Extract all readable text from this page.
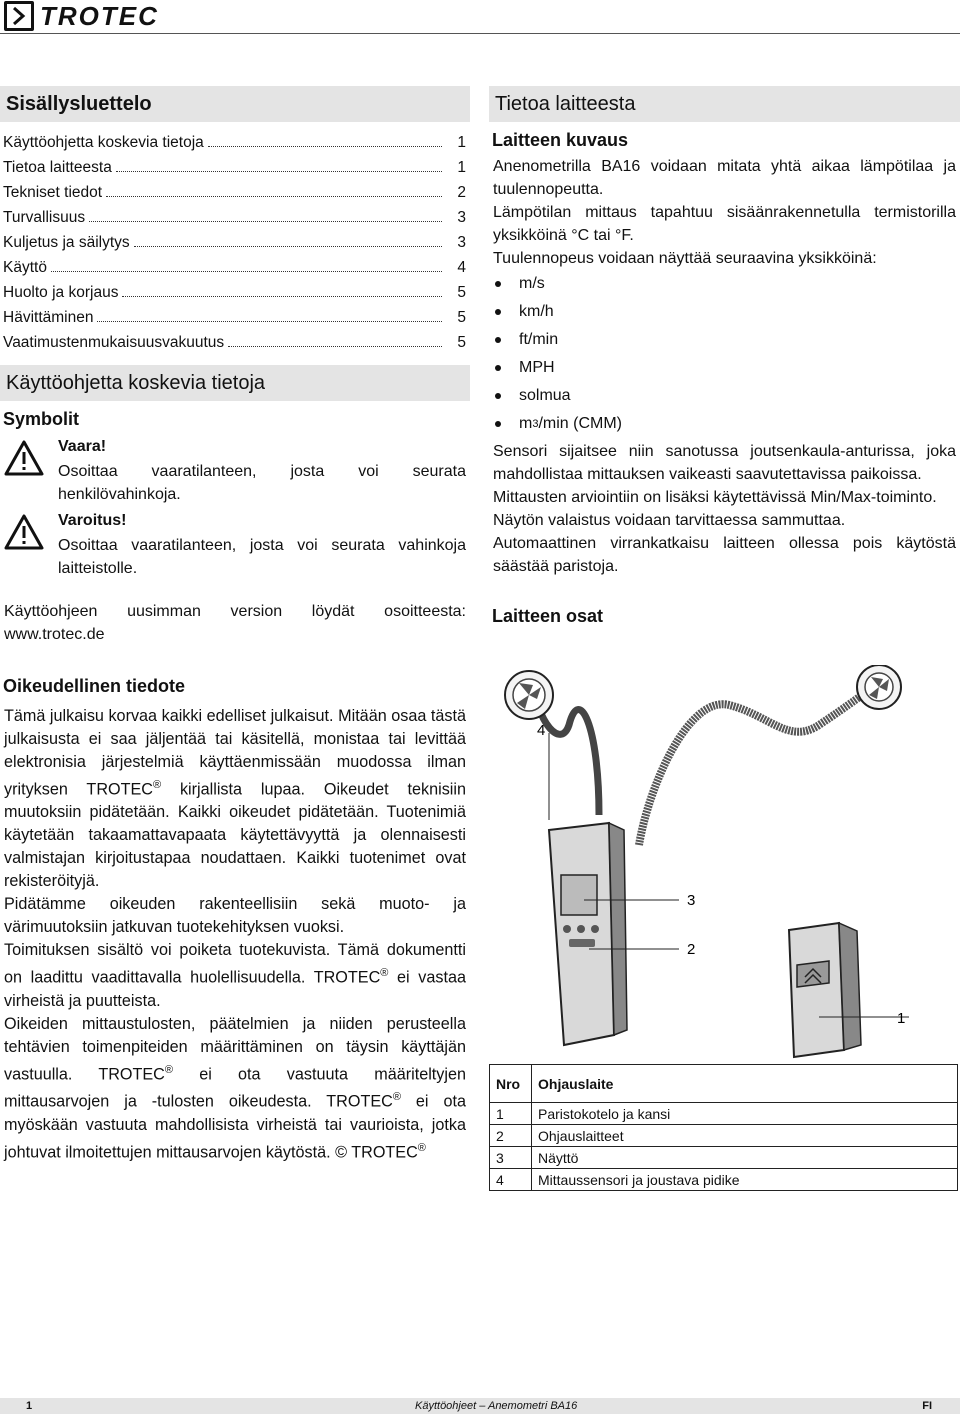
TROTEC
Sisällysluettelo
Käyttöohjetta koskevia tietoja	1
Tietoa laitteesta	1
Tekniset tiedot	2
Turvallisuus	3
Kuljetus ja säilytys	3
Käyttö	4
Huolto ja korjaus	5
Hävittäminen	5
Vaatimustenmukaisuusvakuutus	5
Käyttöohjetta koskevia tietoja
Symbolit
Vaara!
Osoittaa vaaratilanteen, josta voi seurata henkilövahinkoja.
Varoitus!
Osoittaa vaaratilanteen, josta voi seurata vahinkoja laitteistolle.
Käyttöohjeen uusimman version löydät osoitteesta: www.trotec.de
Oikeudellinen tiedote

Tämä julkaisu korvaa kaikki edelliset julkaisut. Mitään osaa tästä julkaisusta ei saa jäljentää tai käsitellä, monistaa tai levittää elektronisia järjestelmiä käyttäenmissään muodossa ilman yrityksen TROTEC® kirjallista lupaa. Oikeudet teknisiin muutoksiin pidätetään. Kaikki oikeudet pidätetään. Tuotenimiä käytetään takaamattavapaata käytettävyyttä ja olennaisesti valmistajan kirjoitustapaa noudattaen. Kaikki tuotenimet ovat rekisteröityjä.

Pidätämme oikeuden rakenteellisiin sekä muoto- ja värimuutoksiin jatkuvan tuotekehityksen vuoksi.

Toimituksen sisältö voi poiketa tuotekuvista. Tämä dokumentti on laadittu vaadittavalla huolellisuudella. TROTEC® ei vastaa virheistä ja puutteista.

Oikeiden mittaustulosten, päätelmien ja niiden perusteella tehtävien toimenpiteiden määrittäminen on täysin käyttäjän vastuulla. TROTEC® ei ota vastuuta määriteltyjen mittausarvojen ja -tulosten oikeudesta. TROTEC® ei ota myöskään vastuuta mahdollisista virheistä tai vaurioista, jotka johtuvat ilmoitettujen mittausarvojen käytöstä. © TROTEC®

Tietoa laitteesta
Laitteen kuvaus
Anenometrilla BA16 voidaan mitata yhtä aikaa lämpötilaa ja tuulennopeutta.
Lämpötilan mittaus tapahtuu sisäänrakennetulla termistorilla yksikköinä °C tai °F.
Tuulennopeus voidaan näyttää seuraavina yksikköinä:
m/s
km/h
ft/min
MPH
solmua
m 3 /min (CMM)
Sensori sijaitsee niin sanotussa joutsenkaula-anturissa, joka mahdollistaa mittauksen vaikeasti saavutettavissa paikoissa.
Mittausten arviointiin on lisäksi käytettävissä Min/Max-toiminto.
Näytön valaistus voidaan tarvittaessa sammuttaa.
Automaattinen virrankatkaisu laitteen ollessa pois käytöstä säästää paristoja.
Laitteen osat
4
3
2
1
Nro	Ohjauslaite
1	Paristokotelo ja kansi
2	Ohjauslaitteet
3	Näyttö
4	Mittaussensori ja joustava pidike
1	Käyttöohjeet – Anemometri BA16	FI
